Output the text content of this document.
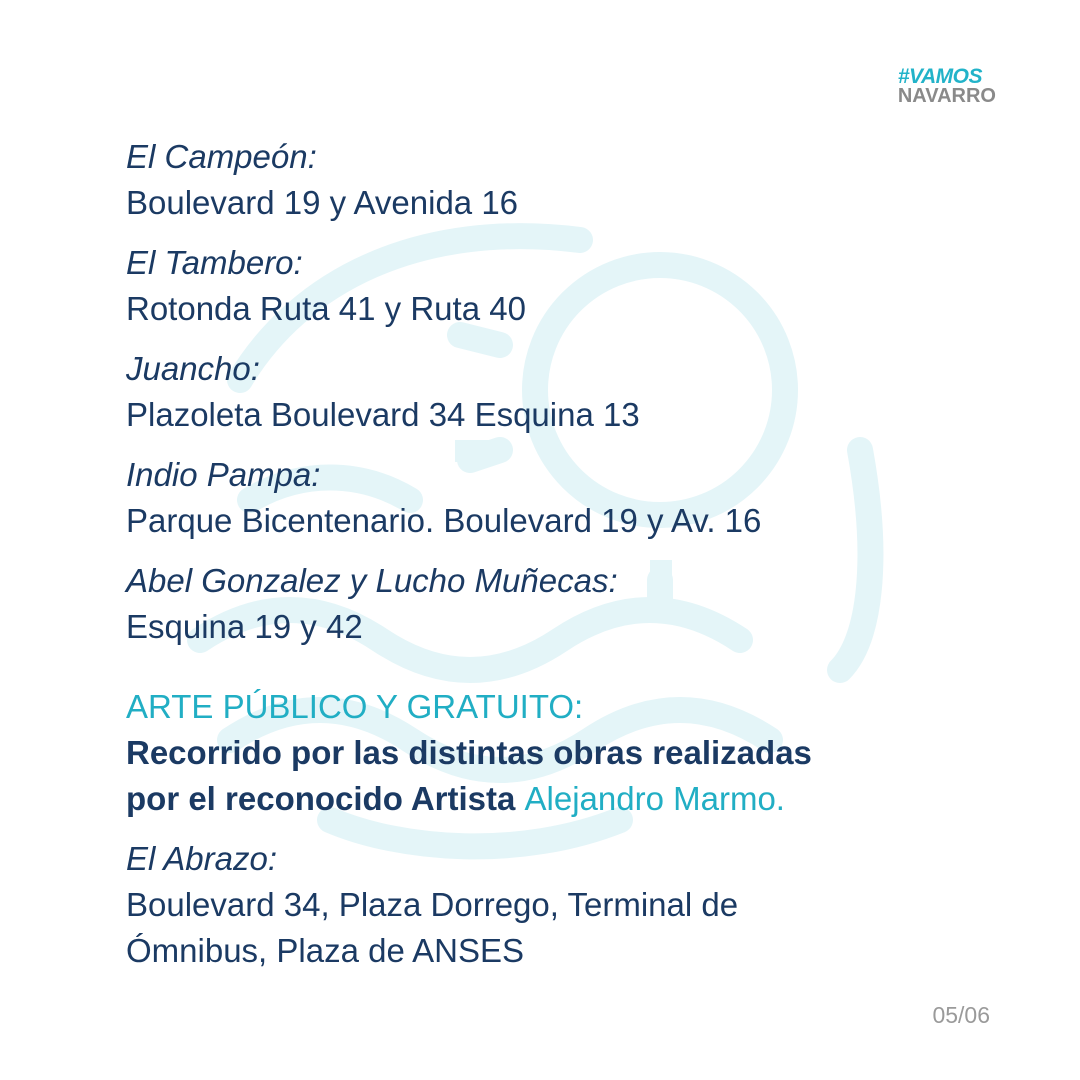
#VAMOS
NAVARRO
El Campeón:
Boulevard 19 y Avenida 16
El Tambero:
Rotonda Ruta 41 y Ruta 40
Juancho:
Plazoleta Boulevard 34 Esquina 13
Indio Pampa:
Parque Bicentenario. Boulevard 19 y Av. 16
Abel Gonzalez y Lucho Muñecas:
Esquina 19 y 42
ARTE PÚBLICO Y GRATUITO:
Recorrido por las distintas obras realizadas
por el reconocido Artista Alejandro Marmo.
El Abrazo:
Boulevard 34, Plaza Dorrego, Terminal de
Ómnibus, Plaza de ANSES
05/06
